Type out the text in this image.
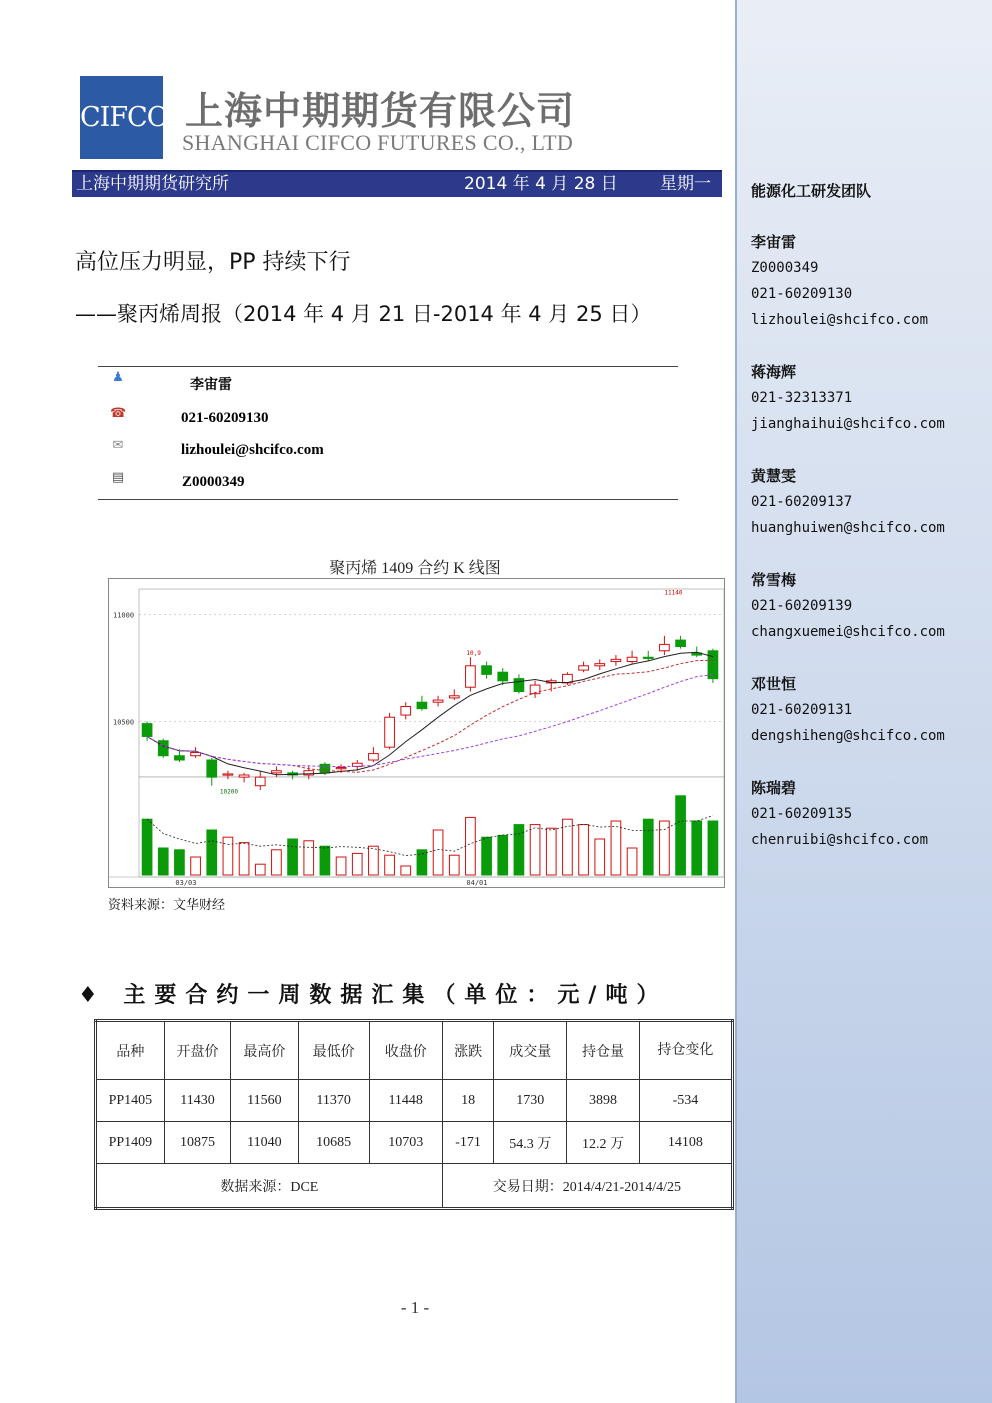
CIFCO 上海中期期货有限公司
SHANGHAI CIFCO FUTURES CO., LTD
上海中期期货研究所	2014 年 4 月 28 日 星期一
高位压力明显，PP 持续下行
——聚丙烯周报（2014 年 4 月 21 日-2014 年 4 月 25 日）
♟	李宙雷
☎	021-60209130
✉	lizhoulei@shcifco.com
▤	Z0000349
聚丙烯 1409 合约 K 线图
11000
10500
03/03	04/01
11140
10,9
10200
资料来源：文华财经
♦ 主要合约一周数据汇集（单位：元/吨）
品种	开盘价	最高价	最低价	收盘价	涨跌	成交量	持仓量	持仓变化
PP1405	11430	11560	11370	11448	18	1730	3898	-534
PP1409	10875	11040	10685	10703	-171	54.3 万	12.2 万	14108
数据来源：DCE					交易日期：2014/4/21-2014/4/25			
- 1 -
能源化工研发团队
李宙雷
Z0000349
021-60209130
lizhoulei@shcifco.com
蒋海辉
021-32313371
jianghaihui@shcifco.com
黄慧雯
021-60209137
huanghuiwen@shcifco.com
常雪梅
021-60209139
changxuemei@shcifco.com
邓世恒
021-60209131
dengshiheng@shcifco.com
陈瑞碧
021-60209135
chenruibi@shcifco.com
